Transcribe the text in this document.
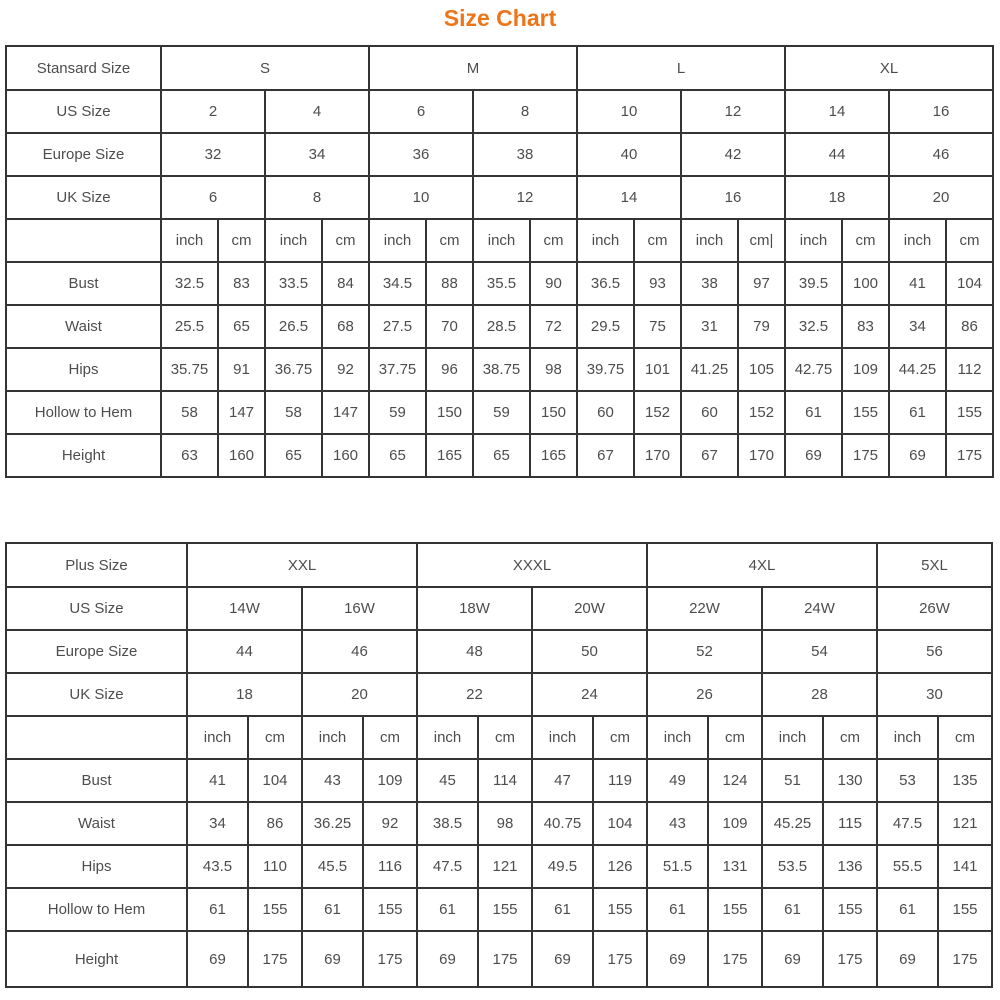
Size Chart
Stansard Size	S				M				L				XL			
US Size	2		4		6		8		10		12		14		16	
Europe Size	32		34		36		38		40		42		44		46	
UK Size	6		8		10		12		14		16		18		20	
	inch	cm	inch	cm	inch	cm	inch	cm	inch	cm	inch	cm|	inch	cm	inch	cm
Bust	32.5	83	33.5	84	34.5	88	35.5	90	36.5	93	38	97	39.5	100	41	104
Waist	25.5	65	26.5	68	27.5	70	28.5	72	29.5	75	31	79	32.5	83	34	86
Hips	35.75	91	36.75	92	37.75	96	38.75	98	39.75	101	41.25	105	42.75	109	44.25	112
Hollow to Hem	58	147	58	147	59	150	59	150	60	152	60	152	61	155	61	155
Height	63	160	65	160	65	165	65	165	67	170	67	170	69	175	69	175
Plus Size	XXL				XXXL				4XL				5XL	
US Size	14W		16W		18W		20W		22W		24W		26W	
Europe Size	44		46		48		50		52		54		56	
UK Size	18		20		22		24		26		28		30	
	inch	cm	inch	cm	inch	cm	inch	cm	inch	cm	inch	cm	inch	cm
Bust	41	104	43	109	45	114	47	119	49	124	51	130	53	135
Waist	34	86	36.25	92	38.5	98	40.75	104	43	109	45.25	115	47.5	121
Hips	43.5	110	45.5	116	47.5	121	49.5	126	51.5	131	53.5	136	55.5	141
Hollow to Hem	61	155	61	155	61	155	61	155	61	155	61	155	61	155
Height	69	175	69	175	69	175	69	175	69	175	69	175	69	175
